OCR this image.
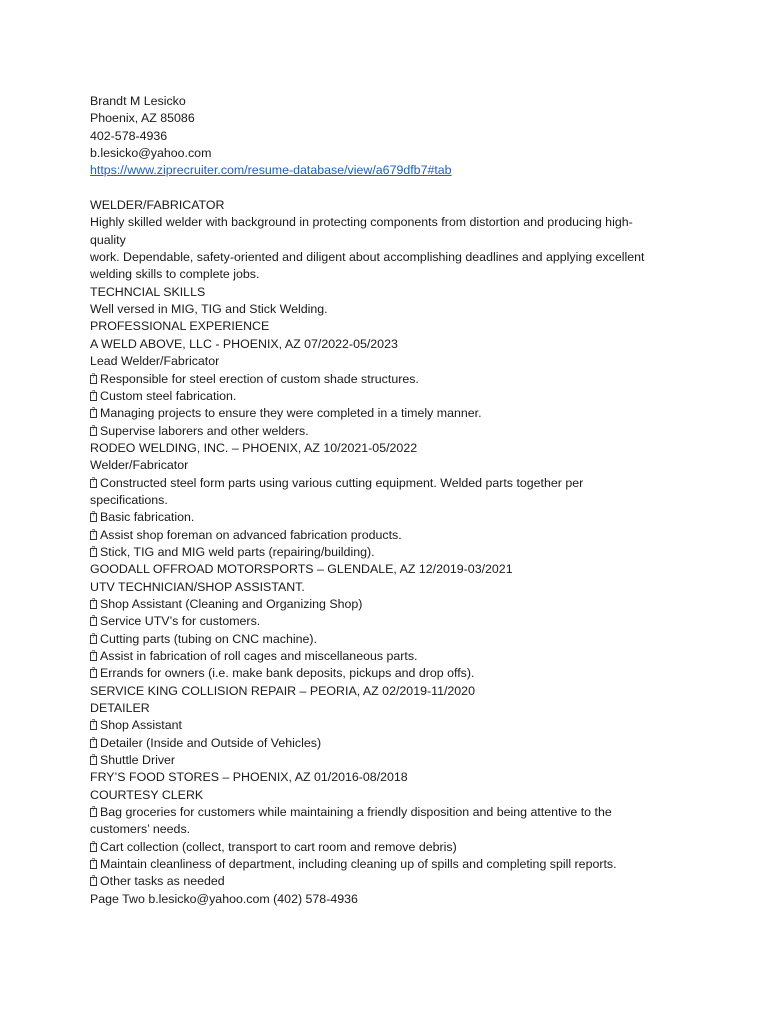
Brandt M Lesicko

Phoenix, AZ 85086

402-578-4936

b.lesicko@yahoo.com

https://www.ziprecruiter.com/resume-database/view/a679dfb7#tab

WELDER/FABRICATOR

Highly skilled welder with background in protecting components from distortion and producing high-

quality

work. Dependable, safety-oriented and diligent about accomplishing deadlines and applying excellent

welding skills to complete jobs.

TECHNCIAL SKILLS

Well versed in MIG, TIG and Stick Welding.

PROFESSIONAL EXPERIENCE

A WELD ABOVE, LLC - PHOENIX, AZ 07/2022-05/2023

Lead Welder/Fabricator

?Responsible for steel erection of custom shade structures.

?Custom steel fabrication.

?Managing projects to ensure they were completed in a timely manner.

?Supervise laborers and other welders.

RODEO WELDING, INC. – PHOENIX, AZ 10/2021-05/2022

Welder/Fabricator

?Constructed steel form parts using various cutting equipment. Welded parts together per

specifications.

?Basic fabrication.

?Assist shop foreman on advanced fabrication products.

?Stick, TIG and MIG weld parts (repairing/building).

GOODALL OFFROAD MOTORSPORTS – GLENDALE, AZ 12/2019-03/2021

UTV TECHNICIAN/SHOP ASSISTANT.

?Shop Assistant (Cleaning and Organizing Shop)

?Service UTV’s for customers.

?Cutting parts (tubing on CNC machine).

?Assist in fabrication of roll cages and miscellaneous parts.

?Errands for owners (i.e. make bank deposits, pickups and drop offs).

SERVICE KING COLLISION REPAIR – PEORIA, AZ 02/2019-11/2020

DETAILER

?Shop Assistant

?Detailer (Inside and Outside of Vehicles)

?Shuttle Driver

FRY’S FOOD STORES – PHOENIX, AZ 01/2016-08/2018

COURTESY CLERK

?Bag groceries for customers while maintaining a friendly disposition and being attentive to the

customers’ needs.

?Cart collection (collect, transport to cart room and remove debris)

?Maintain cleanliness of department, including cleaning up of spills and completing spill reports.

?Other tasks as needed

Page Two b.lesicko@yahoo.com (402) 578-4936
